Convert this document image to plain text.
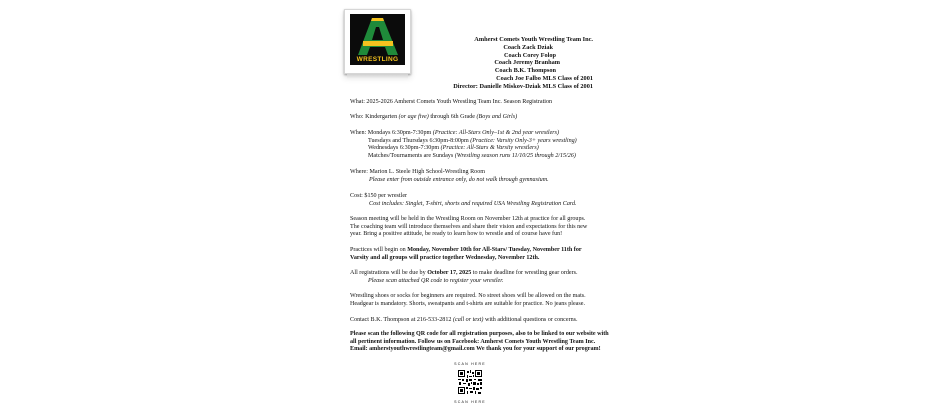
WRESTLING
Amherst Comets Youth Wrestling Team Inc.
Coach Zack Dziak
Coach Corey Folop
Coach Jeremy Branham
Coach B.K. Thompson
Coach Joe Falbo MLS Class of 2001
Director: Danielle Miskov-Dziak MLS Class of 2001
What: 2025-2026 Amherst Comets Youth Wrestling Team Inc. Season Registration
Who: Kindergarten (or age five) through 6th Grade (Boys and Girls)
When: Mondays 6:30pm-7:30pm (Practice: All-Stars Only–1st & 2nd year wrestlers)
Tuesdays and Thursdays 6:30pm-8:00pm (Practice: Varsity Only-3+ years wrestling)
Wednesdays 6:30pm-7:30pm (Practice: All-Stars & Varsity wrestlers)
Matches/Tournaments are Sundays (Wrestling season runs 11/10/25 through 2/15/26)
Where: Marion L. Steele High School-Wrestling Room
Please enter from outside entrance only, do not walk through gymnasium.
Cost: $150 per wrestler
Cost includes: Singlet, T-shirt, shorts and required USA Wrestling Registration Card.
Season meeting will be held in the Wrestling Room on November 12th at practice for all groups.
The coaching team will introduce themselves and share their vision and expectations for this new
year. Bring a positive attitude, be ready to learn how to wrestle and of course have fun!
Practices will begin on Monday, November 10th for All-Stars/ Tuesday, November 11th for
Varsity and all groups will practice together Wednesday, November 12th.
All registrations will be due by October 17, 2025 to make deadline for wrestling gear orders.
Please scan attached QR code to register your wrestler.
Wrestling shoes or socks for beginners are required. No street shoes will be allowed on the mats.
Headgear is mandatory. Shorts, sweatpants and t-shirts are suitable for practice. No jeans please.
Contact B.K. Thompson at 216-533-2812 (call or text) with additional questions or concerns.
Please scan the following QR code for all registration purposes, also to be linked to our website with
all pertinent information. Follow us on Facebook: Amherst Comets Youth Wrestling Team Inc.
Email: amherstyouthwrestlingteam@gmail.com We thank you for your support of our program!
SCAN HERE
SCAN HERE
